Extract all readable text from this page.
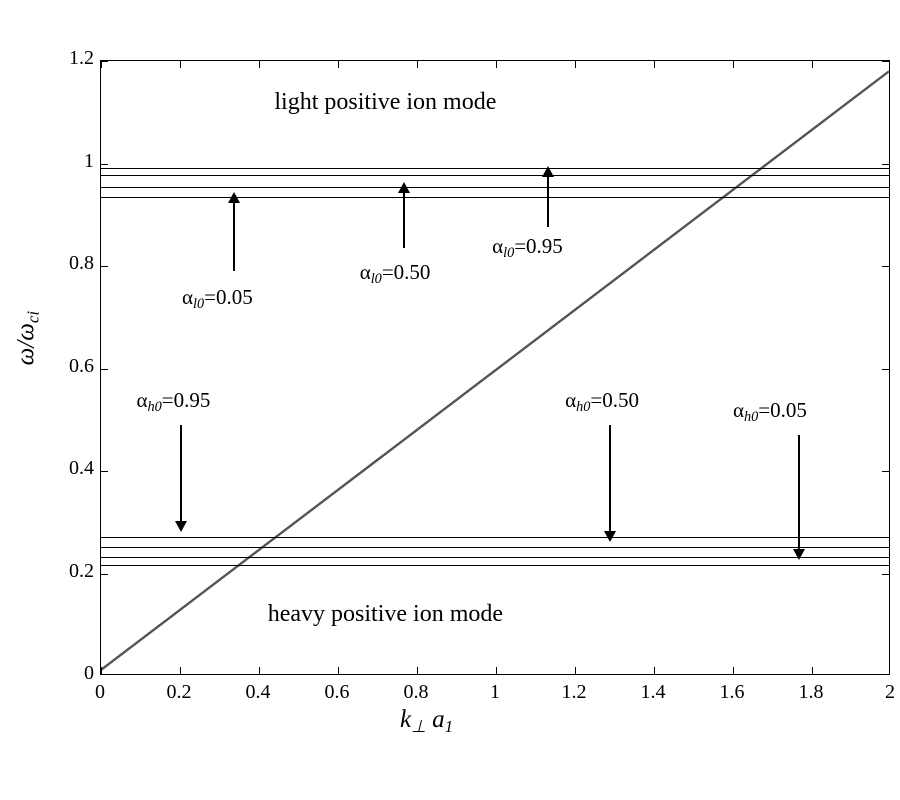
$\omega/\omega_{ci}$
$k_\perp$ $a_1$
0
0.2
0.4
0.6
0.8
1
1.2
0	0.2	0.4	0.6	0.8	1	1.2	1.4	1.6	1.8	2
light positive ion mode
heavy positive ion mode
$\alpha_{l0}=0.05$
$\alpha_{l0}=0.50$
$\alpha_{l0}=0.95$
$\alpha_{h0}=0.95$	$\alpha_{h0}=0.50$	$\alpha_{h0}=0.05$
